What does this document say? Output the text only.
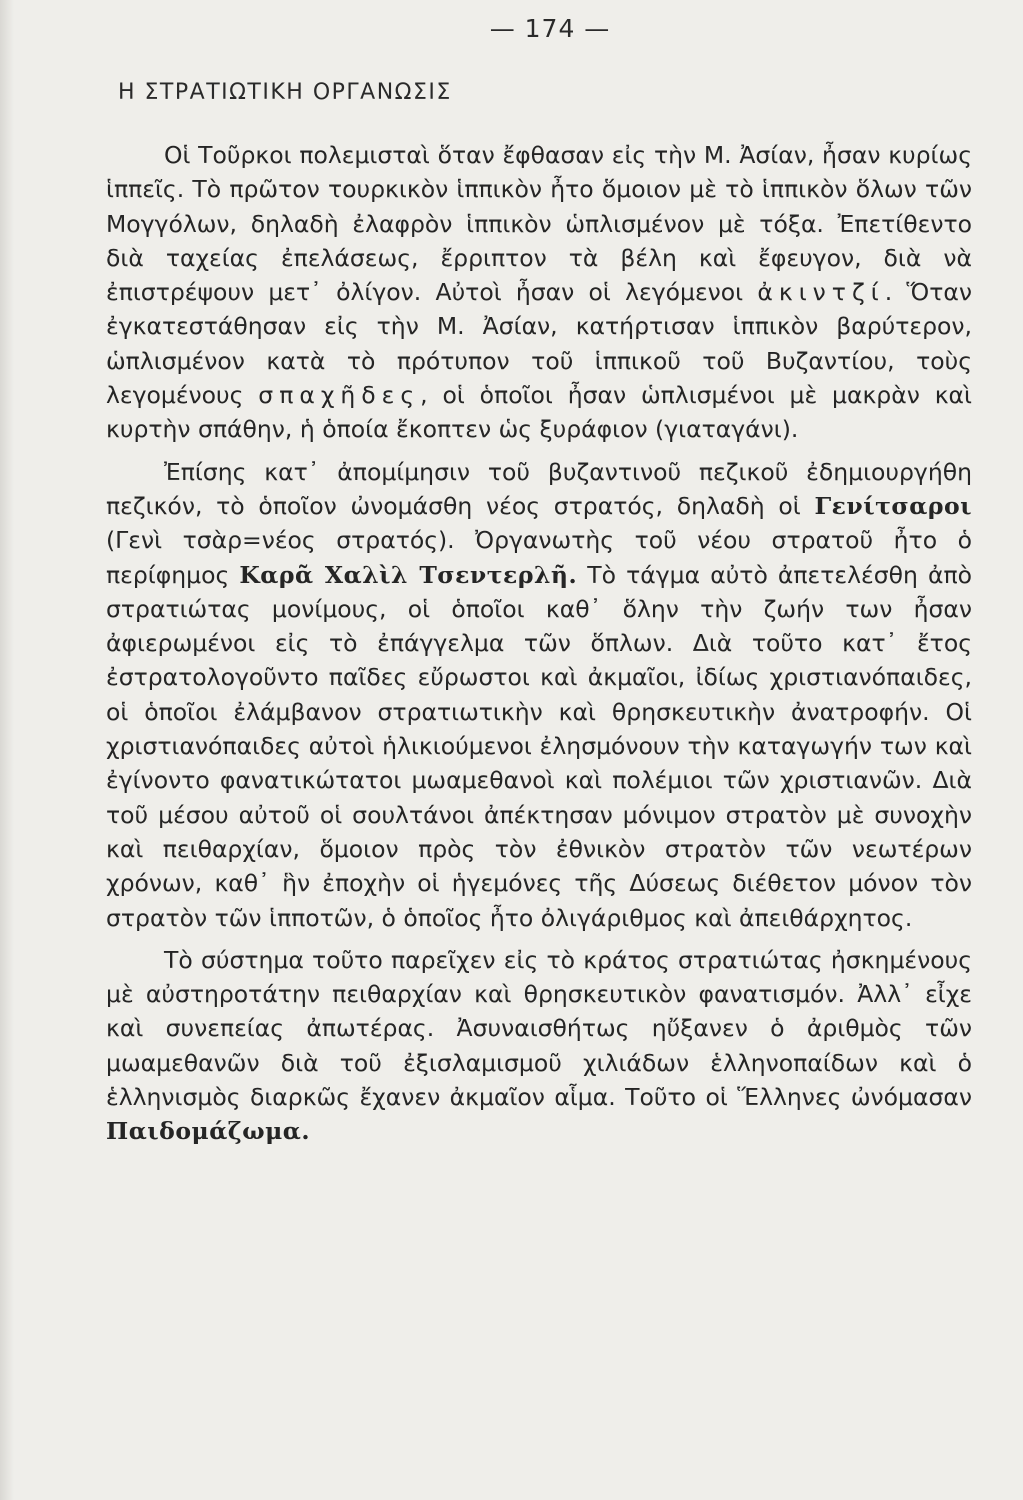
— 174 —
Η ΣΤΡΑΤΙΩΤΙΚΗ ΟΡΓΑΝΩΣΙΣ

Οἱ Τοῦρκοι πολεμισταὶ ὅταν ἔφθασαν εἰς τὴν Μ. Ἀσίαν, ἦσαν κυρίως ἱππεῖς. Τὸ πρῶτον τουρκικὸν ἱππικὸν ἦτο ὅμοιον μὲ τὸ ἱππικὸν ὅλων τῶν Μογγόλων, δηλαδὴ ἐλαφρὸν ἱππικὸν ὡπλισμένον μὲ τόξα. Ἐπετίθεντο διὰ ταχείας ἐπελάσεως, ἔρριπτον τὰ βέλη καὶ ἔφευγον, διὰ νὰ ἐπιστρέψουν μετ᾽ ὀλίγον. Αὐτοὶ ἦσαν οἱ λεγόμενοι ἀκιντζί. Ὅταν ἐγκατεστάθησαν εἰς τὴν Μ. Ἀσίαν, κατήρτισαν ἱππικὸν βαρύτερον, ὡπλισμένον κατὰ τὸ πρότυπον τοῦ ἱππικοῦ τοῦ Βυζαντίου, τοὺς λεγομένους σπαχῆδες, οἱ ὁποῖοι ἦσαν ὡπλισμένοι μὲ μακρὰν καὶ κυρτὴν σπάθην, ἡ ὁποία ἔκοπτεν ὡς ξυράφιον (γιαταγάνι).

Ἐπίσης κατ᾽ ἀπομίμησιν τοῦ βυζαντινοῦ πεζικοῦ ἐδημιουργήθη πεζικόν, τὸ ὁποῖον ὠνομάσθη νέος στρατός, δηλαδὴ οἱ Γενίτσαροι (Γενὶ τσὰρ=νέος στρατός). Ὀργανωτὴς τοῦ νέου στρατοῦ ἦτο ὁ περίφημος Καρᾶ Χαλὶλ Τσεντερλῆ. Τὸ τάγμα αὐτὸ ἀπετελέσθη ἀπὸ στρατιώτας μονίμους, οἱ ὁποῖοι καθ᾽ ὅλην τὴν ζωήν των ἦσαν ἀφιερωμένοι εἰς τὸ ἐπάγγελμα τῶν ὅπλων. Διὰ τοῦτο κατ᾽ ἔτος ἐστρατολογοῦντο παῖδες εὔρωστοι καὶ ἀκμαῖοι, ἰδίως χριστιανόπαιδες, οἱ ὁποῖοι ἐλάμβανον στρατιωτικὴν καὶ θρησκευτικὴν ἀνατροφήν. Οἱ χριστιανόπαιδες αὐτοὶ ἡλικιούμενοι ἐλησμόνουν τὴν καταγωγήν των καὶ ἐγίνοντο φανατικώτατοι μωαμεθανοὶ καὶ πολέμιοι τῶν χριστιανῶν. Διὰ τοῦ μέσου αὐτοῦ οἱ σουλτάνοι ἀπέκτησαν μόνιμον στρατὸν μὲ συνοχὴν καὶ πειθαρχίαν, ὅμοιον πρὸς τὸν ἐθνικὸν στρατὸν τῶν νεωτέρων χρόνων, καθ᾽ ἣν ἐποχὴν οἱ ἡγεμόνες τῆς Δύσεως διέθετον μόνον τὸν στρατὸν τῶν ἱπποτῶν, ὁ ὁποῖος ἦτο ὀλιγάριθμος καὶ ἀπειθάρχητος.

Τὸ σύστημα τοῦτο παρεῖχεν εἰς τὸ κράτος στρατιώτας ἠσκημένους μὲ αὐστηροτάτην πειθαρχίαν καὶ θρησκευτικὸν φανατισμόν. Ἀλλ᾽ εἶχε καὶ συνεπείας ἀπωτέρας. Ἀσυναισθήτως ηὔξανεν ὁ ἀριθμὸς τῶν μωαμεθανῶν διὰ τοῦ ἐξισλαμισμοῦ χιλιάδων ἑλληνοπαίδων καὶ ὁ ἑλληνισμὸς διαρκῶς ἔχανεν ἀκμαῖον αἷμα. Τοῦτο οἱ Ἕλληνες ὠνόμασαν Παιδομάζωμα.
